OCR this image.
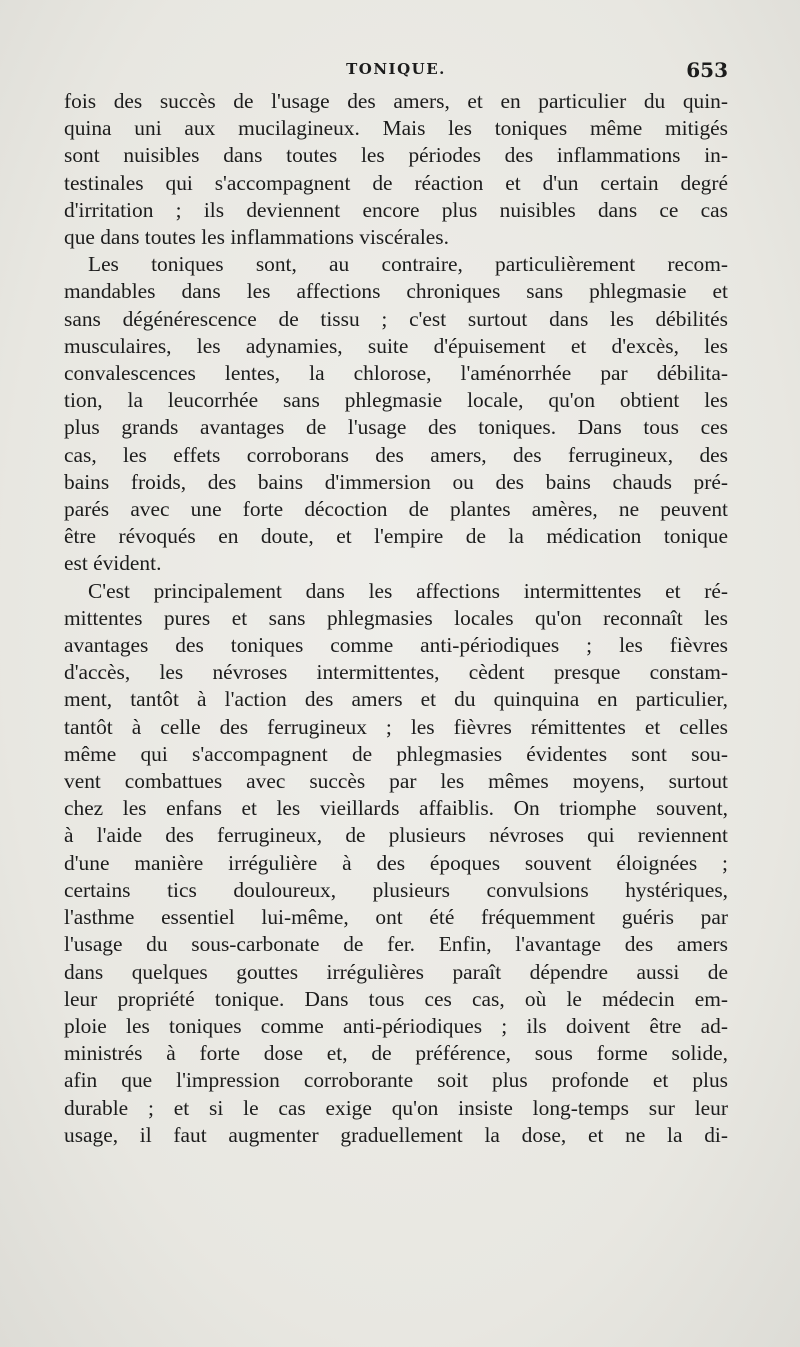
TONIQUE.	653

fois des succès de l'usage des amers, et en particulier du quin-

quina uni aux mucilagineux. Mais les toniques même mitigés

sont nuisibles dans toutes les périodes des inflammations in-

testinales qui s'accompagnent de réaction et d'un certain degré

d'irritation ; ils deviennent encore plus nuisibles dans ce cas

que dans toutes les inflammations viscérales.

Les toniques sont, au contraire, particulièrement recom-

mandables dans les affections chroniques sans phlegmasie et

sans dégénérescence de tissu ; c'est surtout dans les débilités

musculaires, les adynamies, suite d'épuisement et d'excès, les

convalescences lentes, la chlorose, l'aménorrhée par débilita-

tion, la leucorrhée sans phlegmasie locale, qu'on obtient les

plus grands avantages de l'usage des toniques. Dans tous ces

cas, les effets corroborans des amers, des ferrugineux, des

bains froids, des bains d'immersion ou des bains chauds pré-

parés avec une forte décoction de plantes amères, ne peuvent

être révoqués en doute, et l'empire de la médication tonique

est évident.

C'est principalement dans les affections intermittentes et ré-

mittentes pures et sans phlegmasies locales qu'on reconnaît les

avantages des toniques comme anti-périodiques ; les fièvres

d'accès, les névroses intermittentes, cèdent presque constam-

ment, tantôt à l'action des amers et du quinquina en particulier,

tantôt à celle des ferrugineux ; les fièvres rémittentes et celles

même qui s'accompagnent de phlegmasies évidentes sont sou-

vent combattues avec succès par les mêmes moyens, surtout

chez les enfans et les vieillards affaiblis. On triomphe souvent,

à l'aide des ferrugineux, de plusieurs névroses qui reviennent

d'une manière irrégulière à des époques souvent éloignées ;

certains tics douloureux, plusieurs convulsions hystériques,

l'asthme essentiel lui-même, ont été fréquemment guéris par

l'usage du sous-carbonate de fer. Enfin, l'avantage des amers

dans quelques gouttes irrégulières paraît dépendre aussi de

leur propriété tonique. Dans tous ces cas, où le médecin em-

ploie les toniques comme anti-périodiques ; ils doivent être ad-

ministrés à forte dose et, de préférence, sous forme solide,

afin que l'impression corroborante soit plus profonde et plus

durable ; et si le cas exige qu'on insiste long-temps sur leur

usage, il faut augmenter graduellement la dose, et ne la di-
